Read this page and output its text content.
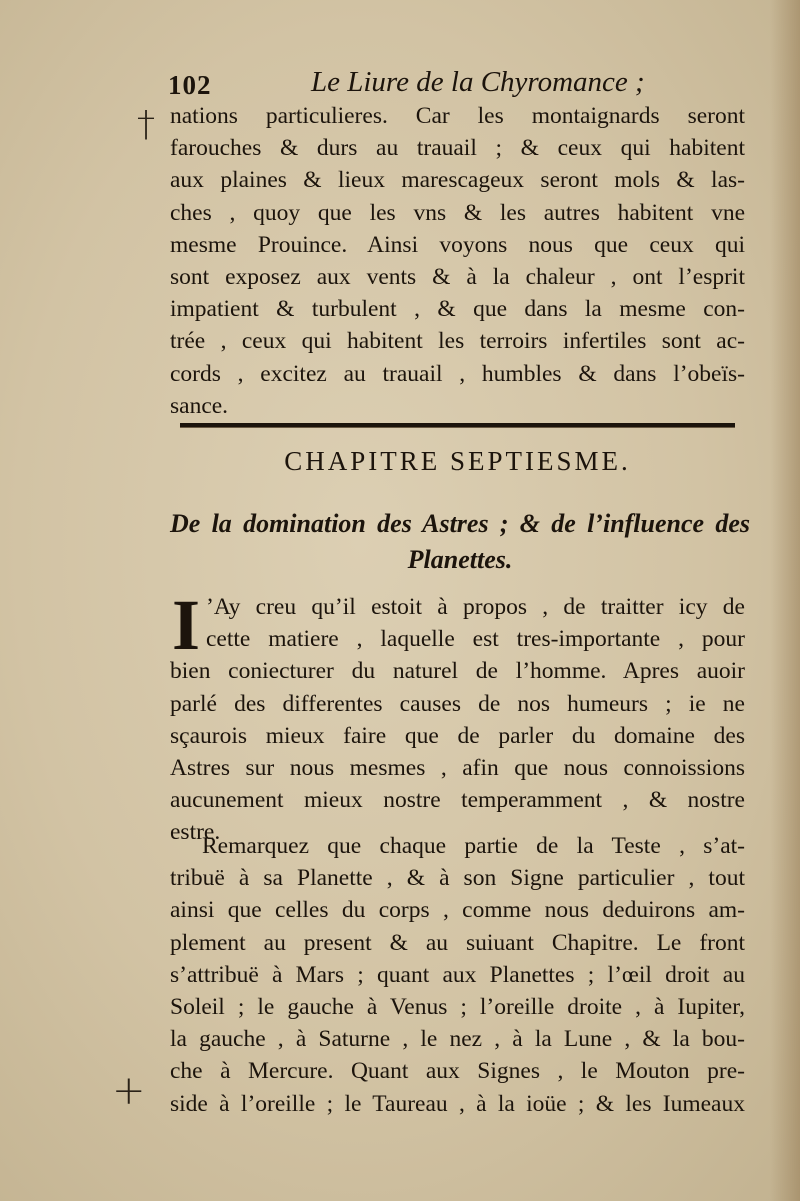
102	Le Liure de la Chyromance ;
† nations particulieres. Car les montaignards seront
farouches & durs au trauail ; & ceux qui habitent
aux plaines & lieux marescageux seront mols & las-
ches , quoy que les vns & les autres habitent vne
mesme Prouince. Ainsi voyons nous que ceux qui
sont exposez aux vents & à la chaleur , ont l’esprit
impatient & turbulent , & que dans la mesme con-
trée , ceux qui habitent les terroirs infertiles sont ac-
cords , excitez au trauail , humbles & dans l’obeïs-
sance.
CHAPITRE SEPTIESME.
De la domination des Astres ; & de l’influence des
Planettes.
I ’Ay creu qu’il estoit à propos , de traitter icy de
cette matiere , laquelle est tres-importante , pour
bien coniecturer du naturel de l’homme. Apres auoir
parlé des differentes causes de nos humeurs ; ie ne
sçaurois mieux faire que de parler du domaine des
Astres sur nous mesmes , afin que nous connoissions
aucunement mieux nostre temperamment , & nostre
estre.
Remarquez que chaque partie de la Teste , s’at-
tribuë à sa Planette , & à son Signe particulier , tout
ainsi que celles du corps , comme nous deduirons am-
plement au present & au suiuant Chapitre. Le front
s’attribuë à Mars ; quant aux Planettes ; l’œil droit au
Soleil ; le gauche à Venus ; l’oreille droite , à Iupiter,
la gauche , à Saturne , le nez , à la Lune , & la bou-
che à Mercure. Quant aux Signes , le Mouton pre-
side à l’oreille ; le Taureau , à la ioüe ; & les Iumeaux
+
